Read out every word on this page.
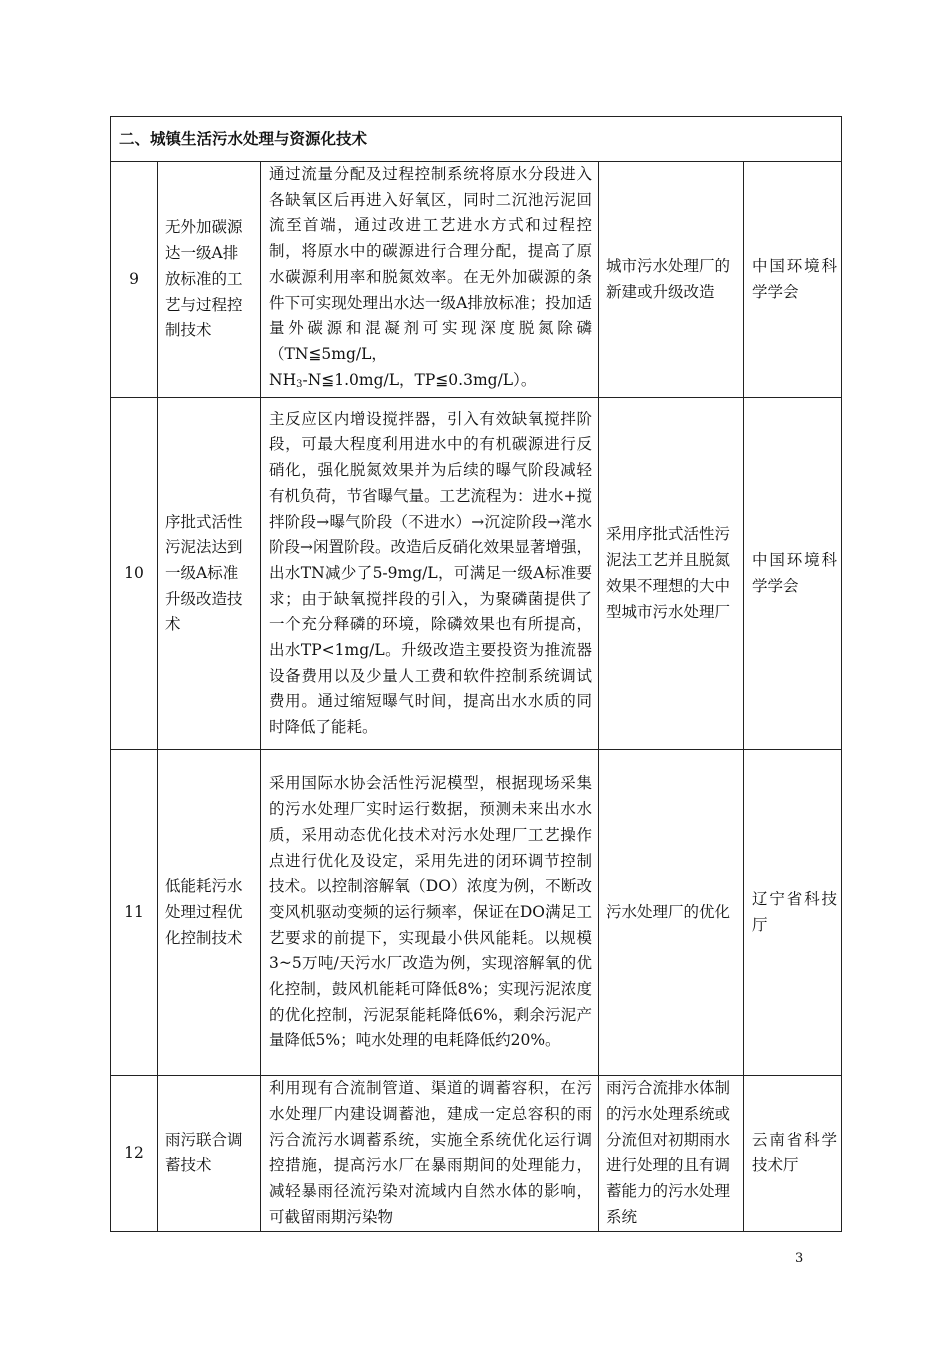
二、城镇生活污水处理与资源化技术				
9	无外加碳源达一级A排放标准的工艺与过程控制技术	通过流量分配及过程控制系统将原水分段进入各缺氧区后再进入好氧区，同时二沉池污泥回流至首端，通过改进工艺进水方式和过程控制，将原水中的碳源进行合理分配，提高了原水碳源利用率和脱氮效率。在无外加碳源的条件下可实现处理出水达一级A排放标准；投加适量外碳源和混凝剂可实现深度脱氮除磷（TN≦5mg/L，
$NH_3-N≦1.0mg/L$，TP≦0.3mg/L）。	城市污水处理厂的新建或升级改造	中国环境科学学会
10	序批式活性污泥法达到一级A标准升级改造技术	主反应区内增设搅拌器，引入有效缺氧搅拌阶段，可最大程度利用进水中的有机碳源进行反硝化，强化脱氮效果并为后续的曝气阶段减轻有机负荷，节省曝气量。工艺流程为：进水+搅拌阶段→曝气阶段（不进水）→沉淀阶段→滗水阶段→闲置阶段。改造后反硝化效果显著增强，出水TN减少了5-9mg/L，可满足一级A标准要求；由于缺氧搅拌段的引入，为聚磷菌提供了一个充分释磷的环境，除磷效果也有所提高，出水TP<1mg/L。升级改造主要投资为推流器设备费用以及少量人工费和软件控制系统调试费用。通过缩短曝气时间，提高出水水质的同时降低了能耗。	采用序批式活性污泥法工艺并且脱氮效果不理想的大中型城市污水处理厂	中国环境科学学会
11	低能耗污水处理过程优化控制技术	采用国际水协会活性污泥模型，根据现场采集的污水处理厂实时运行数据，预测未来出水水质，采用动态优化技术对污水处理厂工艺操作点进行优化及设定，采用先进的闭环调节控制技术。以控制溶解氧（DO）浓度为例，不断改变风机驱动变频的运行频率，保证在DO满足工艺要求的前提下，实现最小供风能耗。以规模3~5万吨/天污水厂改造为例，实现溶解氧的优化控制，鼓风机能耗可降低8%；实现污泥浓度的优化控制，污泥泵能耗降低6%，剩余污泥产量降低5%；吨水处理的电耗降低约20%。	污水处理厂的优化	辽宁省科技厅
12	雨污联合调蓄技术	利用现有合流制管道、渠道的调蓄容积，在污水处理厂内建设调蓄池，建成一定总容积的雨污合流污水调蓄系统，实施全系统优化运行调控措施，提高污水厂在暴雨期间的处理能力，减轻暴雨径流污染对流域内自然水体的影响，可截留雨期污染物	雨污合流排水体制的污水处理系统或分流但对初期雨水进行处理的且有调蓄能力的污水处理系统	云南省科学技术厅
3
